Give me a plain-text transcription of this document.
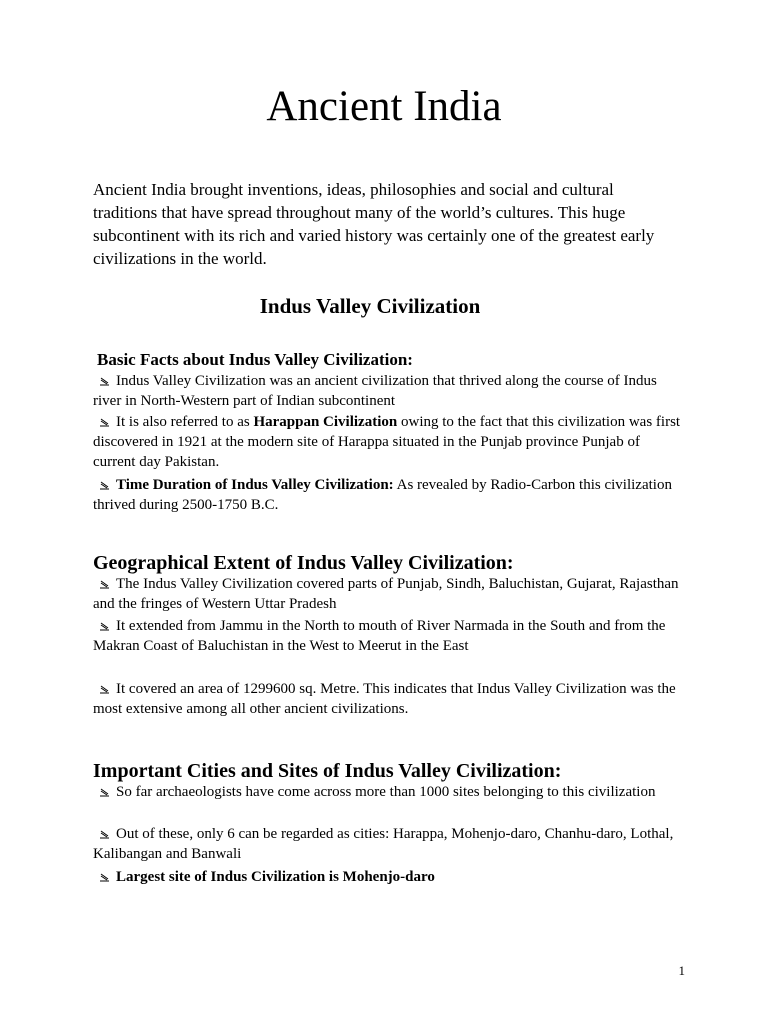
Ancient India

Ancient India brought inventions, ideas, philosophies and social and cultural traditions that have spread throughout many of the world’s cultures. This huge subcontinent with its rich and varied history was certainly one of the greatest early civilizations in the world.

Indus Valley Civilization
Basic Facts about Indus Valley Civilization:

Indus Valley Civilization was an ancient civilization that thrived along the course of Indus river in North-Western part of Indian subcontinent

It is also referred to as Harappan Civilization owing to the fact that this civilization was first discovered in 1921 at the modern site of Harappa situated in the Punjab province Punjab of current day Pakistan.

Time Duration of Indus Valley Civilization: As revealed by Radio-Carbon this civilization thrived during 2500-1750 B.C.

Geographical Extent of Indus Valley Civilization:

The Indus Valley Civilization covered parts of Punjab, Sindh, Baluchistan, Gujarat, Rajasthan and the fringes of Western Uttar Pradesh

It extended from Jammu in the North to mouth of River Narmada in the South and from the Makran Coast of Baluchistan in the West to Meerut in the East

It covered an area of 1299600 sq. Metre. This indicates that Indus Valley Civilization was the most extensive among all other ancient civilizations.

Important Cities and Sites of Indus Valley Civilization:

So far archaeologists have come across more than 1000 sites belonging to this civilization

Out of these, only 6 can be regarded as cities: Harappa, Mohenjo-daro, Chanhu-daro, Lothal, Kalibangan and Banwali

Largest site of Indus Civilization is Mohenjo-daro

1
